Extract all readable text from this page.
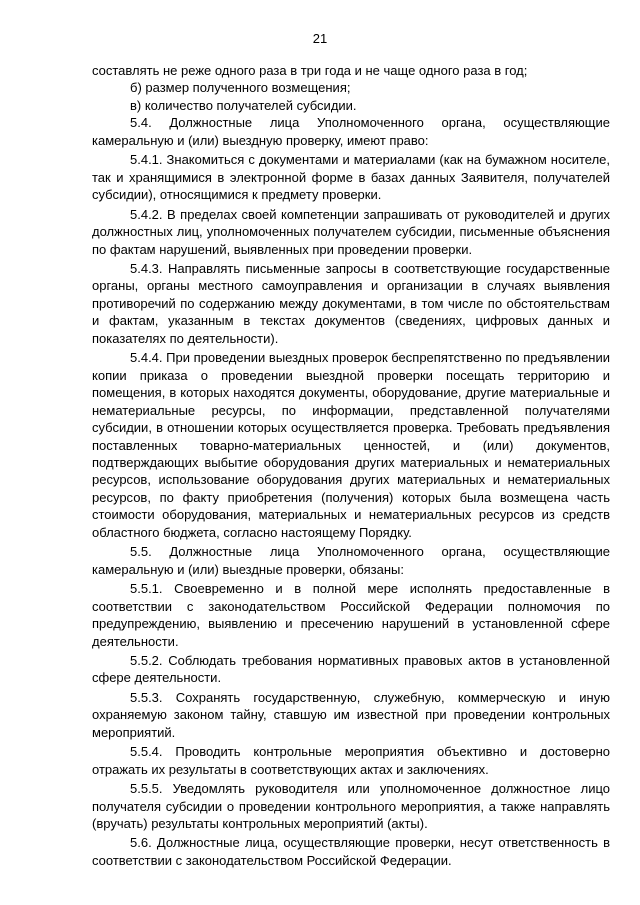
21

составлять не реже одного раза в три года и не чаще одного раза в год;

б) размер полученного возмещения;

в) количество получателей субсидии.

5.4. Должностные лица Уполномоченного органа, осуществляющие камеральную и (или) выездную проверку, имеют право:

5.4.1. Знакомиться с документами и материалами (как на бумажном носителе, так и хранящимися в электронной форме в базах данных Заявителя, получателей субсидии), относящимися к предмету проверки.

5.4.2. В пределах своей компетенции запрашивать от руководителей и других должностных лиц, уполномоченных получателем субсидии, письменные объяснения по фактам нарушений, выявленных при проведении проверки.

5.4.3. Направлять письменные запросы в соответствующие государственные органы, органы местного самоуправления и организации в случаях выявления противоречий по содержанию между документами, в том числе по обстоятельствам и фактам, указанным в текстах документов (сведениях, цифровых данных и показателях по деятельности).

5.4.4. При проведении выездных проверок беспрепятственно по предъявлении копии приказа о проведении выездной проверки посещать территорию и помещения, в которых находятся документы, оборудование, другие материальные и нематериальные ресурсы, по информации, представленной получателями субсидии, в отношении которых осуществляется проверка. Требовать предъявления поставленных товарно-материальных ценностей, и (или) документов, подтверждающих выбытие оборудования других материальных и нематериальных ресурсов, использование оборудования других материальных и нематериальных ресурсов, по факту приобретения (получения) которых была возмещена часть стоимости оборудования, материальных и нематериальных ресурсов из средств областного бюджета, согласно настоящему Порядку.

5.5. Должностные лица Уполномоченного органа, осуществляющие камеральную и (или) выездные проверки, обязаны:

5.5.1. Своевременно и в полной мере исполнять предоставленные в соответствии с законодательством Российской Федерации полномочия по предупреждению, выявлению и пресечению нарушений в установленной сфере деятельности.

5.5.2. Соблюдать требования нормативных правовых актов в установленной сфере деятельности.

5.5.3. Сохранять государственную, служебную, коммерческую и иную охраняемую законом тайну, ставшую им известной при проведении контрольных мероприятий.

5.5.4. Проводить контрольные мероприятия объективно и достоверно отражать их результаты в соответствующих актах и заключениях.

5.5.5. Уведомлять руководителя или уполномоченное должностное лицо получателя субсидии о проведении контрольного мероприятия, а также направлять (вручать) результаты контрольных мероприятий (акты).

5.6. Должностные лица, осуществляющие проверки, несут ответственность в соответствии с законодательством Российской Федерации.
